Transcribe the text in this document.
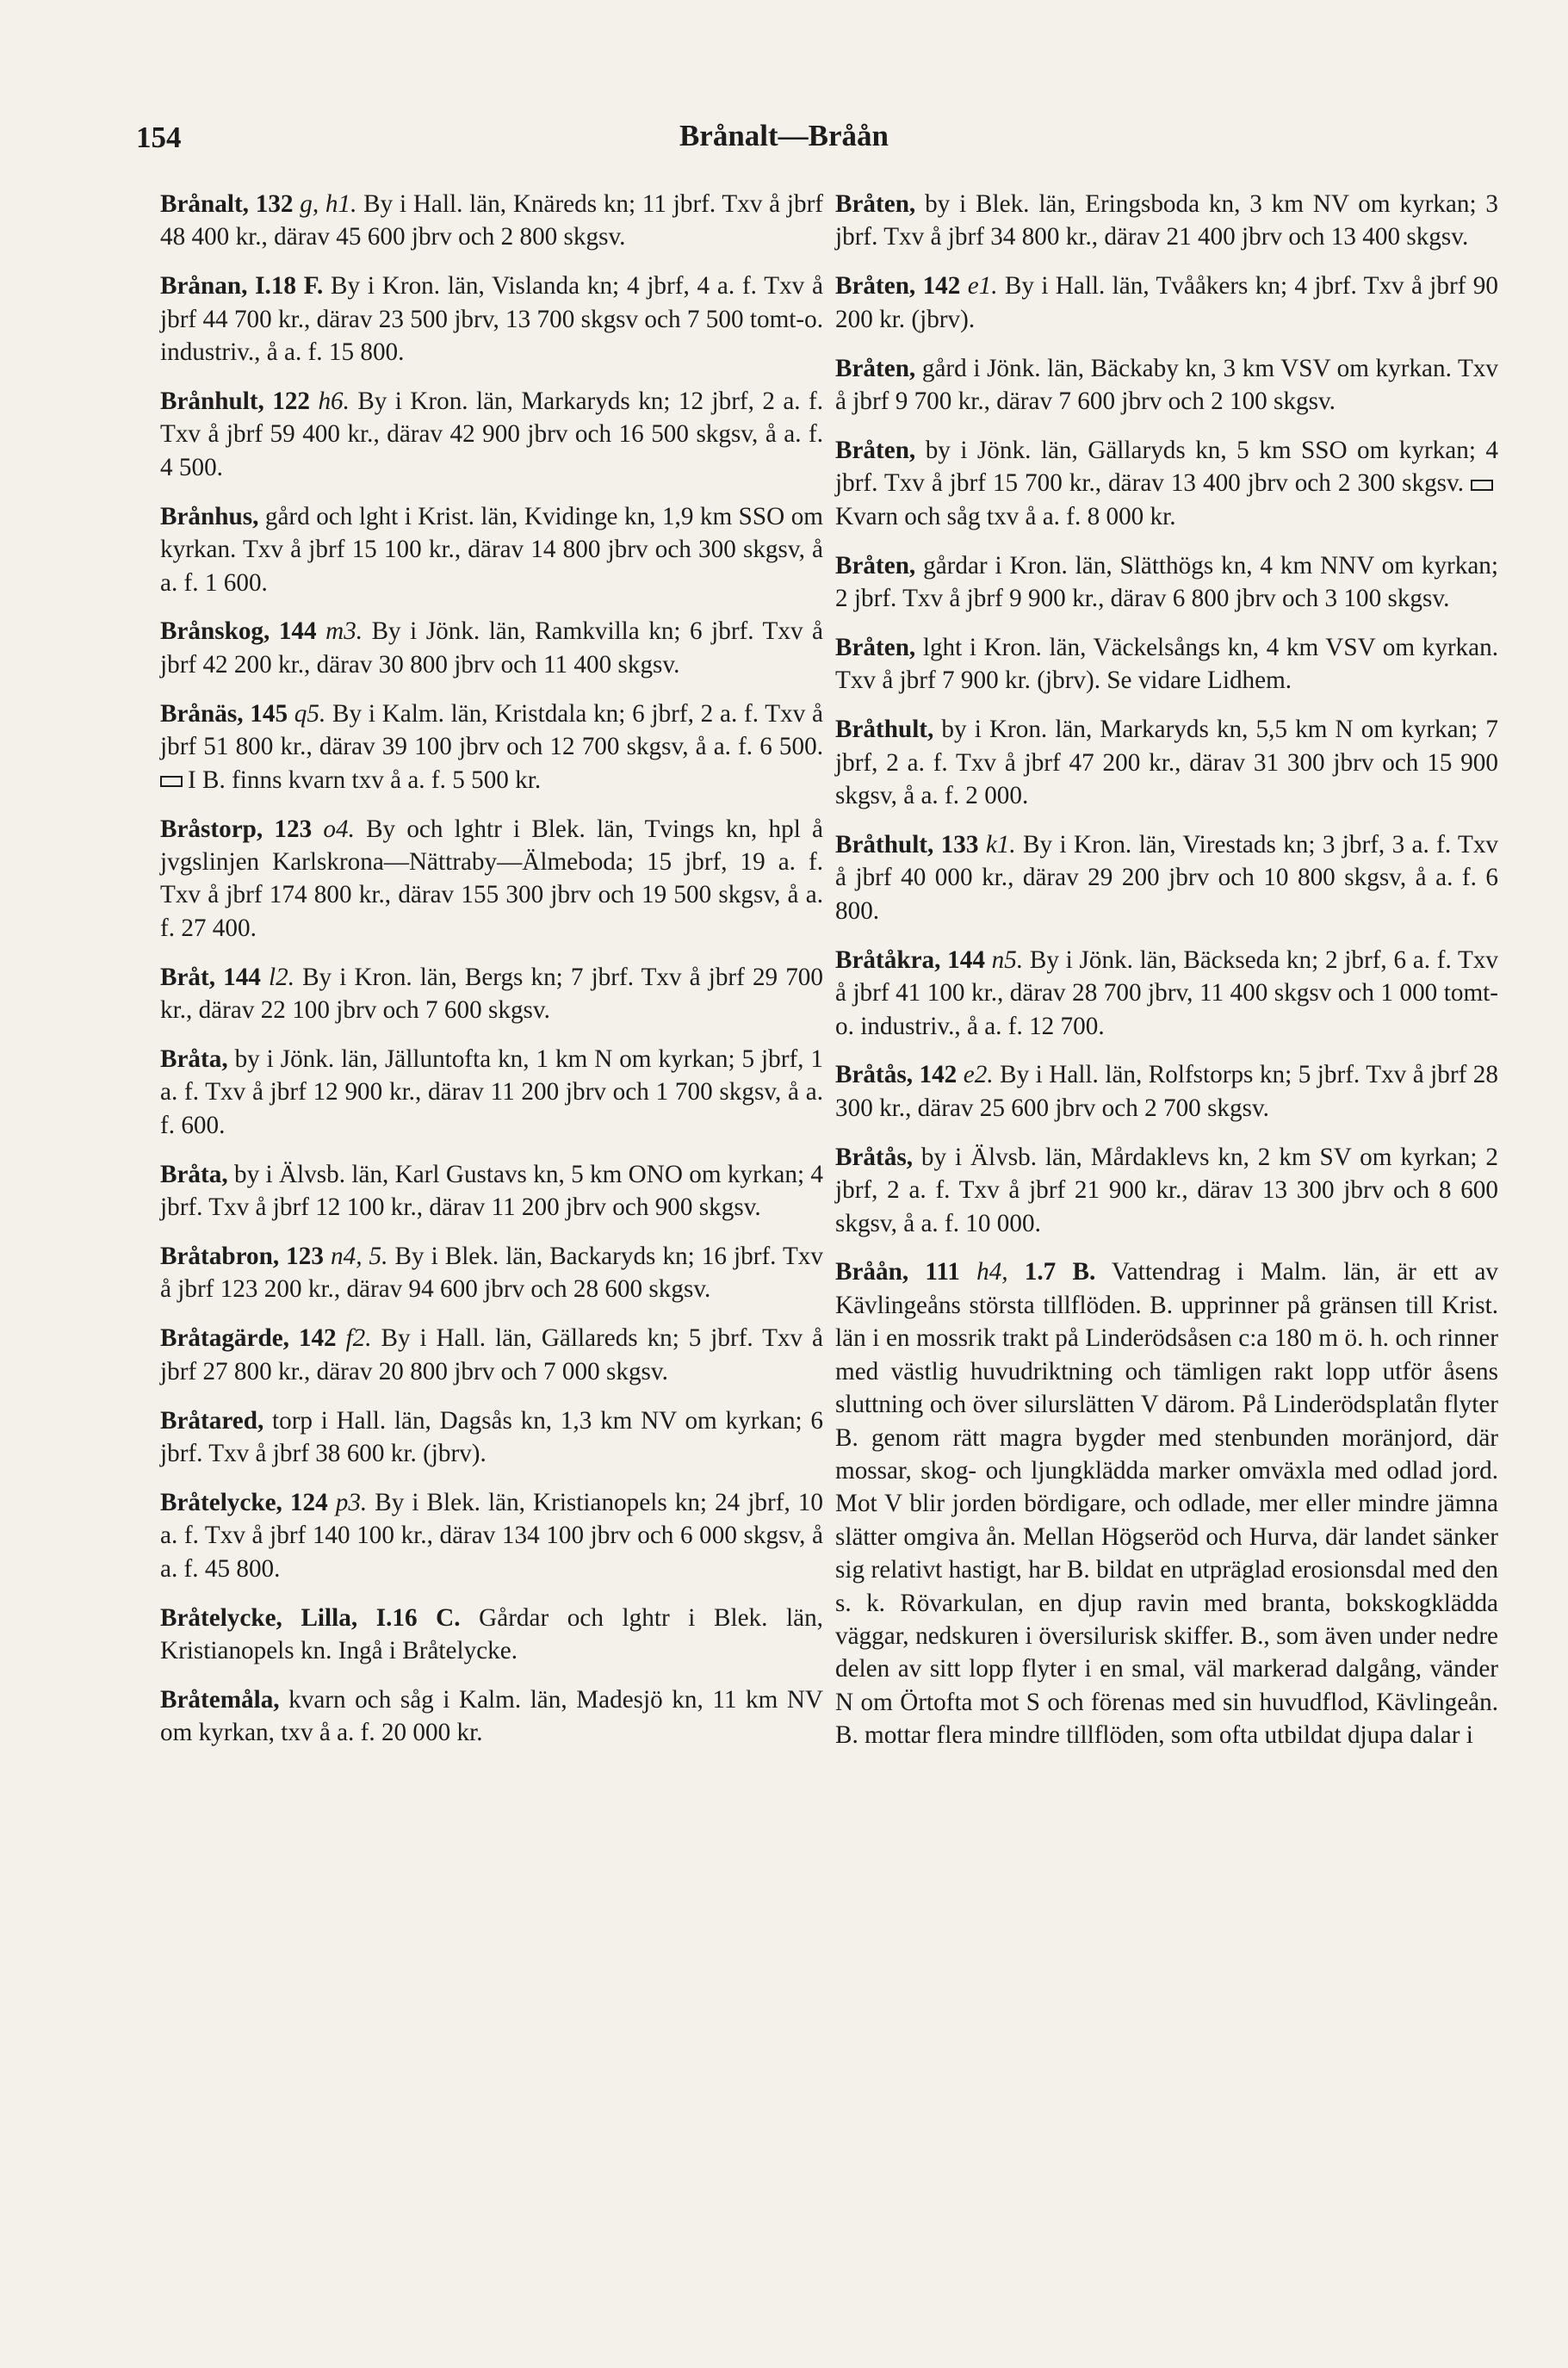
154	Brånalt—Bråån

Brånalt, 132 g, h1. By i Hall. län, Knäreds kn; 11 jbrf. Txv å jbrf 48 400 kr., därav 45 600 jbrv och 2 800 skgsv.

Brånan, I.18 F. By i Kron. län, Vislanda kn; 4 jbrf, 4 a. f. Txv å jbrf 44 700 kr., därav 23 500 jbrv, 13 700 skgsv och 7 500 tomt-o. industriv., å a. f. 15 800.

Brånhult, 122 h6. By i Kron. län, Markaryds kn; 12 jbrf, 2 a. f. Txv å jbrf 59 400 kr., därav 42 900 jbrv och 16 500 skgsv, å a. f. 4 500.

Brånhus, gård och lght i Krist. län, Kvidinge kn, 1,9 km SSO om kyrkan. Txv å jbrf 15 100 kr., därav 14 800 jbrv och 300 skgsv, å a. f. 1 600.

Brånskog, 144 m3. By i Jönk. län, Ramkvilla kn; 6 jbrf. Txv å jbrf 42 200 kr., därav 30 800 jbrv och 11 400 skgsv.

Brånäs, 145 q5. By i Kalm. län, Kristdala kn; 6 jbrf, 2 a. f. Txv å jbrf 51 800 kr., därav 39 100 jbrv och 12 700 skgsv, å a. f. 6 500. I B. finns kvarn txv å a. f. 5 500 kr.

Bråstorp, 123 o4. By och lghtr i Blek. län, Tvings kn, hpl å jvgslinjen Karlskrona—Nättraby—Älmeboda; 15 jbrf, 19 a. f. Txv å jbrf 174 800 kr., därav 155 300 jbrv och 19 500 skgsv, å a. f. 27 400.

Bråt, 144 l2. By i Kron. län, Bergs kn; 7 jbrf. Txv å jbrf 29 700 kr., därav 22 100 jbrv och 7 600 skgsv.

Bråta, by i Jönk. län, Jälluntofta kn, 1 km N om kyrkan; 5 jbrf, 1 a. f. Txv å jbrf 12 900 kr., därav 11 200 jbrv och 1 700 skgsv, å a. f. 600.

Bråta, by i Älvsb. län, Karl Gustavs kn, 5 km ONO om kyrkan; 4 jbrf. Txv å jbrf 12 100 kr., därav 11 200 jbrv och 900 skgsv.

Bråtabron, 123 n4, 5. By i Blek. län, Backaryds kn; 16 jbrf. Txv å jbrf 123 200 kr., därav 94 600 jbrv och 28 600 skgsv.

Bråtagärde, 142 f2. By i Hall. län, Gällareds kn; 5 jbrf. Txv å jbrf 27 800 kr., därav 20 800 jbrv och 7 000 skgsv.

Bråtared, torp i Hall. län, Dagsås kn, 1,3 km NV om kyrkan; 6 jbrf. Txv å jbrf 38 600 kr. (jbrv).

Bråtelycke, 124 p3. By i Blek. län, Kristianopels kn; 24 jbrf, 10 a. f. Txv å jbrf 140 100 kr., därav 134 100 jbrv och 6 000 skgsv, å a. f. 45 800.

Bråtelycke, Lilla, I.16 C. Gårdar och lghtr i Blek. län, Kristianopels kn. Ingå i Bråtelycke.

Bråtemåla, kvarn och såg i Kalm. län, Madesjö kn, 11 km NV om kyrkan, txv å a. f. 20 000 kr.

Bråten, by i Blek. län, Eringsboda kn, 3 km NV om kyrkan; 3 jbrf. Txv å jbrf 34 800 kr., därav 21 400 jbrv och 13 400 skgsv.

Bråten, 142 e1. By i Hall. län, Tvååkers kn; 4 jbrf. Txv å jbrf 90 200 kr. (jbrv).

Bråten, gård i Jönk. län, Bäckaby kn, 3 km VSV om kyrkan. Txv å jbrf 9 700 kr., därav 7 600 jbrv och 2 100 skgsv.

Bråten, by i Jönk. län, Gällaryds kn, 5 km SSO om kyrkan; 4 jbrf. Txv å jbrf 15 700 kr., därav 13 400 jbrv och 2 300 skgsv. Kvarn och såg txv å a. f. 8 000 kr.

Bråten, gårdar i Kron. län, Slätthögs kn, 4 km NNV om kyrkan; 2 jbrf. Txv å jbrf 9 900 kr., därav 6 800 jbrv och 3 100 skgsv.

Bråten, lght i Kron. län, Väckelsångs kn, 4 km VSV om kyrkan. Txv å jbrf 7 900 kr. (jbrv). Se vidare Lidhem.

Bråthult, by i Kron. län, Markaryds kn, 5,5 km N om kyrkan; 7 jbrf, 2 a. f. Txv å jbrf 47 200 kr., därav 31 300 jbrv och 15 900 skgsv, å a. f. 2 000.

Bråthult, 133 k1. By i Kron. län, Virestads kn; 3 jbrf, 3 a. f. Txv å jbrf 40 000 kr., därav 29 200 jbrv och 10 800 skgsv, å a. f. 6 800.

Bråtåkra, 144 n5. By i Jönk. län, Bäckseda kn; 2 jbrf, 6 a. f. Txv å jbrf 41 100 kr., därav 28 700 jbrv, 11 400 skgsv och 1 000 tomt-o. industriv., å a. f. 12 700.

Bråtås, 142 e2. By i Hall. län, Rolfstorps kn; 5 jbrf. Txv å jbrf 28 300 kr., därav 25 600 jbrv och 2 700 skgsv.

Bråtås, by i Älvsb. län, Mårdaklevs kn, 2 km SV om kyrkan; 2 jbrf, 2 a. f. Txv å jbrf 21 900 kr., därav 13 300 jbrv och 8 600 skgsv, å a. f. 10 000.

Bråån, 111 h4, 1.7 B. Vattendrag i Malm. län, är ett av Kävlingeåns största tillflöden. B. upprinner på gränsen till Krist. län i en mossrik trakt på Linderödsåsen c:a 180 m ö. h. och rinner med västlig huvudriktning och tämligen rakt lopp utför åsens sluttning och över silurslätten V därom. På Linderödsplatån flyter B. genom rätt magra bygder med stenbunden moränjord, där mossar, skog- och ljungklädda marker omväxla med odlad jord. Mot V blir jorden bördigare, och odlade, mer eller mindre jämna slätter omgiva ån. Mellan Högseröd och Hurva, där landet sänker sig relativt hastigt, har B. bildat en utpräglad erosionsdal med den s. k. Rövarkulan, en djup ravin med branta, bokskogklädda väggar, nedskuren i översilurisk skiffer. B., som även under nedre delen av sitt lopp flyter i en smal, väl markerad dalgång, vänder N om Örtofta mot S och förenas med sin huvudflod, Kävlingeån. B. mottar flera mindre tillflöden, som ofta utbildat djupa dalar i
